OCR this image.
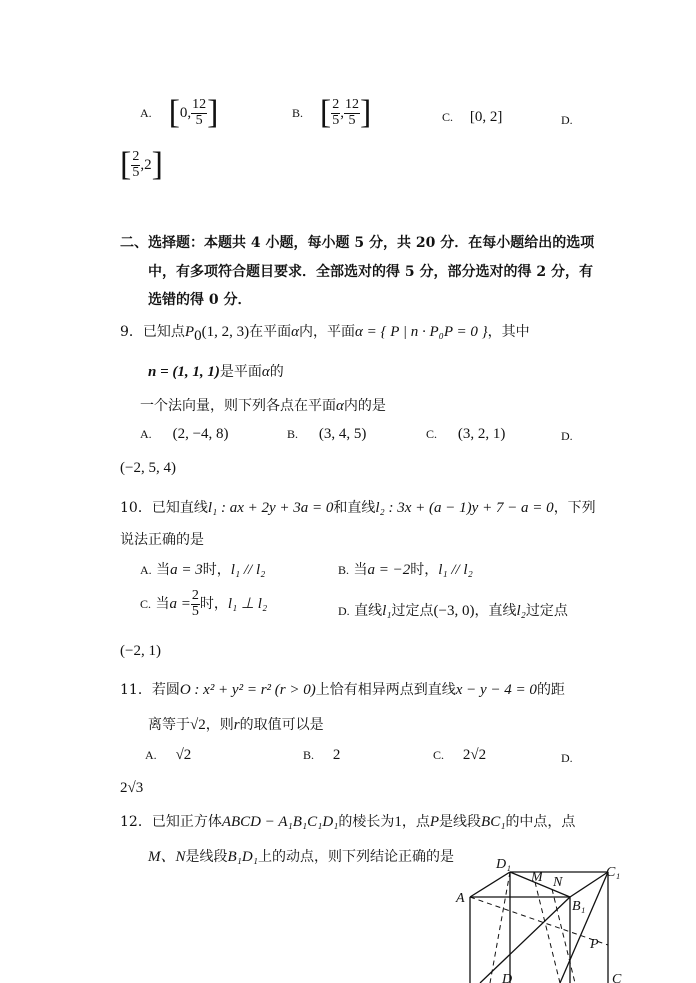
A. [0, $\frac{12}{5}$ ]	B. [ $\frac{2}{5}$ , $\frac{12}{5}$ ]	C. [0, 2]	D.
[ $\frac{2}{5} ,2$]
二、选择题：本题共 4 小题，每小题 5 分，共 20 分．在每小题给出的选项
中，有多项符合题目要求．全部选对的得 5 分，部分选对的得 2 分，有
选错的得 0 分．
9．已知点$P_0(1$, 2, 3)在平面α内，平面α = { P | n · P₀P = 0 }，其中
n = (1, 1, 1)是平面α的
一个法向量，则下列各点在平面α内的是
A. (2, −4, 8)	B. (3, 4, 5)	C. (3, 2, 1)	D.
(−2, 5, 4)
10．已知直线l₁ : ax + 2y + 3a = 0和直线l₂ : 3x + (a − 1)y + 7 − a = 0，下列
说法正确的是
A. 当a = 3时，l₁ // l₂	B. 当a = −2时，l₁ // l₂
C. 当$a = \frac{2}{5}$ 时，l₁ ⊥ l₂	D. 直线l₁过定点(−3, 0)，直线l₂过定点
(−2, 1)
11．若圆O : x² + y² = r² (r > 0)上恰有相异两点到直线x − y − 4 = 0的距
离等于√2，则r的取值可以是
A. √2	B. 2	C. 2√2	D.
2√3
12．已知正方体ABCD − A₁B₁C₁D₁的棱长为1，点P是线段BC₁的中点，点
M、N是线段B₁D₁上的动点，则下列结论正确的是	D₁
M N
C₁
A
B₁
P
D	C
